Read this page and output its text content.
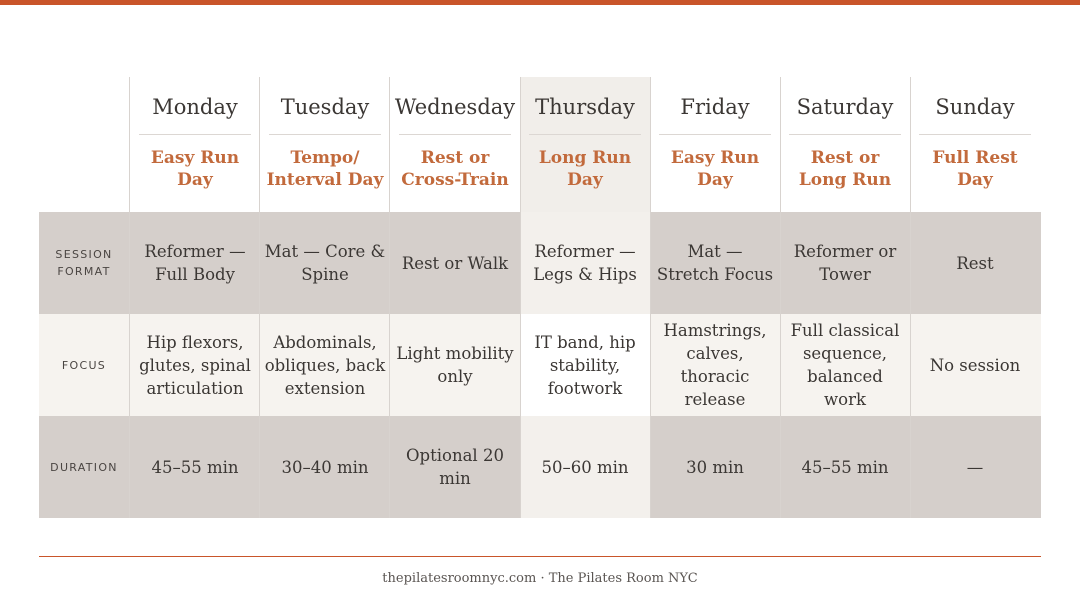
SESSION
FORMAT
FOCUS
DURATION
Monday
Easy Run Day
Reformer — Full Body
Hip flexors, glutes, spinal articulation
45–55 min
Tuesday
Tempo/ Interval Day
Mat — Core & Spine
Abdominals, obliques, back extension
30–40 min
Wednesday
Rest or Cross-Train
Rest or Walk
Light mobility only
Optional 20 min
Thursday
Long Run Day
Reformer — Legs & Hips
IT band, hip stability, footwork
50–60 min
Friday
Easy Run Day
Mat — Stretch Focus
Hamstrings, calves, thoracic release
30 min
Saturday
Rest or Long Run
Reformer or Tower
Full classical sequence, balanced work
45–55 min
Sunday
Full Rest Day
Rest
No session
—
thepilatesroomnyc.com · The Pilates Room NYC
